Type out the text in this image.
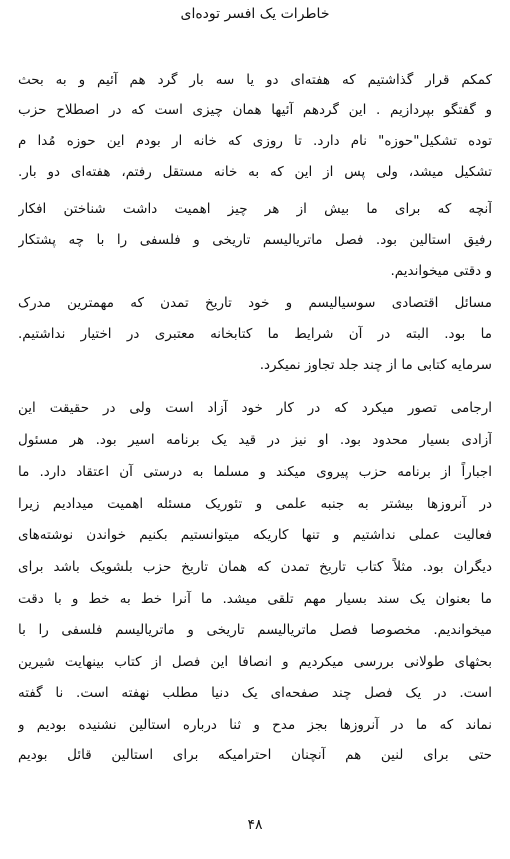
خاطرات یک افسر توده‌ای
کمکم قرار گذاشتیم که هفته‌ای دو یا سه بار گرد هم آئیم و به بحث
و گفتگو بپردازیم . این گردهم آئیها همان چیزی است که در اصطلاح حزب
توده تشکیل"حوزه" نام دارد. تا روزی که خانه ار بودم این حوزه مُدا م
تشکیل میشد، ولی پس از این که به خانه مستقل رفتم، هفته‌ای دو بار.
آنچه که برای ما بیش از هر چیز اهمیت داشت شناختن افکار
رفیق استالین بود. فصل ماتریالیسم تاریخی و فلسفی را با چه پشتکار
و دقتی میخواندیم.
مسائل اقتصادی سوسیالیسم و خود تاریخ تمدن که مهمترین مدرک
ما بود. البته در آن شرایط ما کتابخانه معتبری در اختیار نداشتیم.
سرمایه کتابی ما از چند جلد تجاوز نمیکرد.
ارجامی تصور میکرد که در کار خود آزاد است ولی در حقیقت این
آزادی بسیار محدود بود. او نیز در قید یک برنامه اسیر بود. هر مسئول
اجباراً از برنامه حزب پیروی میکند و مسلما به درستی آن اعتقاد دارد. ما
در آنروزها بیشتر به جنبه علمی و تئوریک مسئله اهمیت میدادیم زیرا
فعالیت عملی نداشتیم و تنها کاریکه میتوانستیم بکنیم خواندن نوشته‌های
دیگران بود. مثلاً کتاب تاریخ تمدن که همان تاریخ حزب بلشویک باشد برای
ما بعنوان یک سند بسیار مهم تلقی میشد. ما آنرا خط به خط و با دقت
میخواندیم. مخصوصا فصل ماتریالیسم تاریخی و ماتریالیسم فلسفی را با
بحثهای طولانی بررسی میکردیم و انصافا این فصل از کتاب بینهایت شیرین
است. در یک فصل چند صفحه‌ای یک دنیا مطلب نهفته است. نا گفته
نماند که ما در آنروزها بجز مدح و ثنا درباره استالین نشنیده بودیم و
حتی برای لنین هم آنچنان احترامیکه برای استالین قائل بودیم
۴۸
